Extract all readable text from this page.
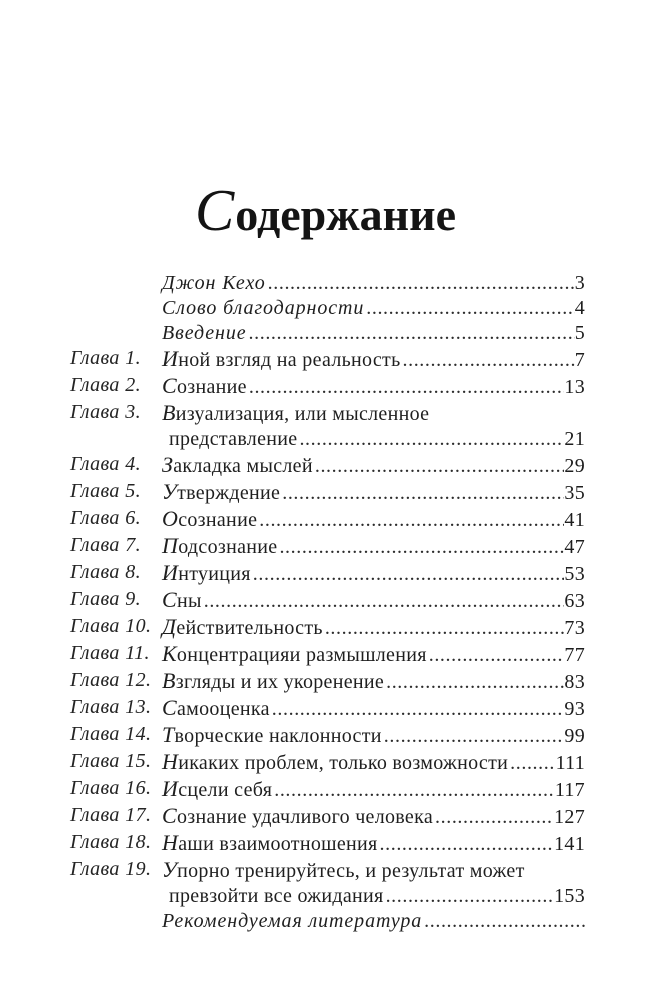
Содержание
Джон Кехо .....	3
Слово благодарности .....	4
Введение .....	5
Глава 1. Иной взгляд на реальность .....	7
Глава 2. Сознание .....	13
Глава 3. Визуализация, или мысленное
представление .....	21
Глава 4. Закладка мыслей .....	29
Глава 5. Утверждение .....	35
Глава 6. Осознание .....	41
Глава 7. Подсознание .....	47
Глава 8. Интуиция .....	53
Глава 9. Сны .....	63
Глава 10. Действительность .....	73
Глава 11. Концентрацияи размышления .....	77
Глава 12. Взгляды и их укоренение .....	83
Глава 13. Самооценка .....	93
Глава 14. Творческие наклонности .....	99
Глава 15. Никаких проблем, только возможности ..... 111
Глава 16. Исцели себя .....	117
Глава 17. Сознание удачливого человека .....	127
Глава 18. Наши взаимоотношения .....	141
Глава 19. Упорно тренируйтесь, и результат может
превзойти все ожидания .....	153
Рекомендуемая литература
.....
